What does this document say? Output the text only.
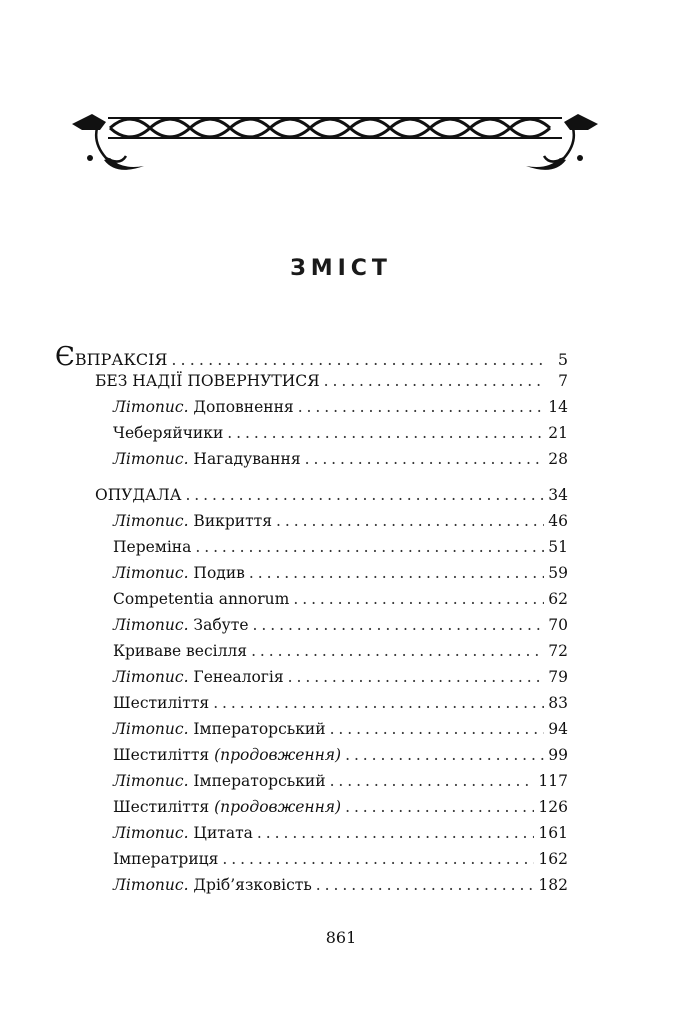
ЗМІСТ
ЄВПРАКСІЯ . . .	5
БЕЗ НАДІЇ ПОВЕРНУТИСЯ . . .	7
Літопис. Доповнення . . .	14
Чеберяйчики . . .	21
Літопис. Нагадування . . .	28
ОПУДАЛА . . .	34
Літопис. Викриття . . .	46
Переміна . . .	51
Літопис. Подив . . .	59
Competentia annorum . . .	62
Літопис. Забуте . . .	70
Криваве весілля . . .	72
Літопис. Генеалогія . . .	79
Шестиліття . . .	83
Літопис. Імператорський . . .	94
Шестиліття (продовження) . . .	99
Літопис. Імператорський . . .	117
Шестиліття (продовження) . . .	126
Літопис. Цитата . . .	161
Імператриця . . .	162
Літопис. Дріб’язковість . . .	182
861
